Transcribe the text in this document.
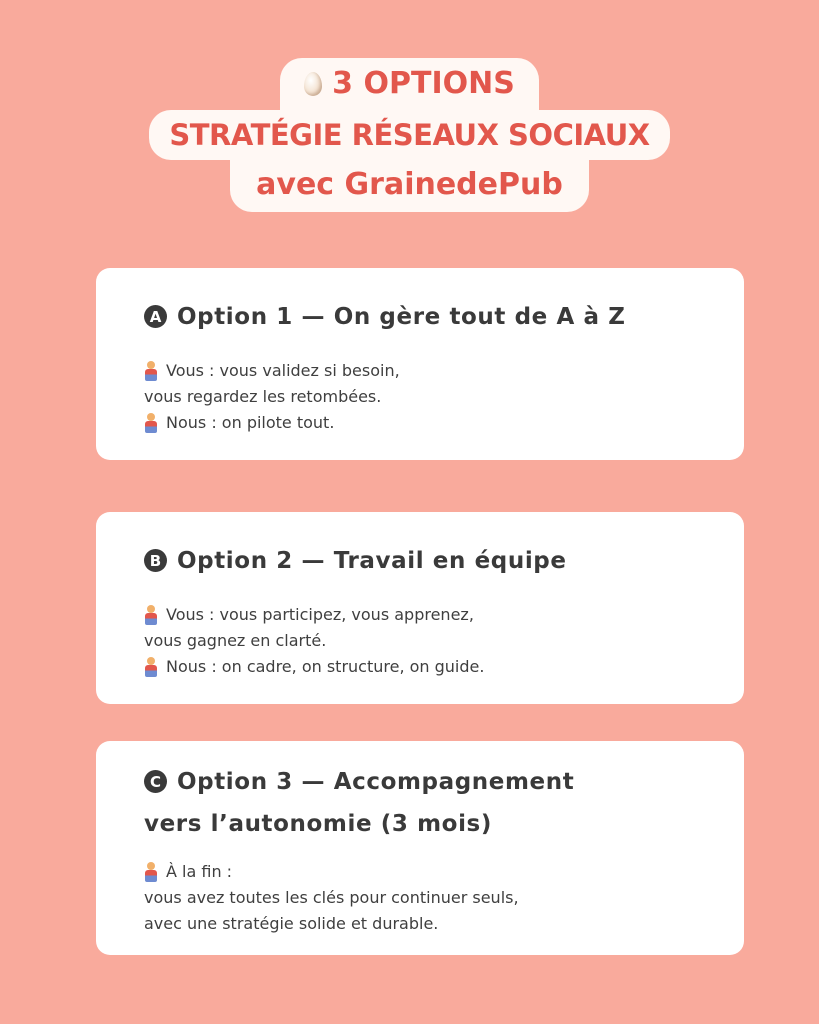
3 OPTIONS
STRATÉGIE RÉSEAUX SOCIAUX
avec GrainedePub
A Option 1 — On gère tout de A à Z
Vous : vous validez si besoin,
vous regardez les retombées.
Nous : on pilote tout.
B Option 2 — Travail en équipe
Vous : vous participez, vous apprenez,
vous gagnez en clarté.
Nous : on cadre, on structure, on guide.
C Option 3 — Accompagnement
vers l’autonomie (3 mois)
À la fin :
vous avez toutes les clés pour continuer seuls,
avec une stratégie solide et durable.
